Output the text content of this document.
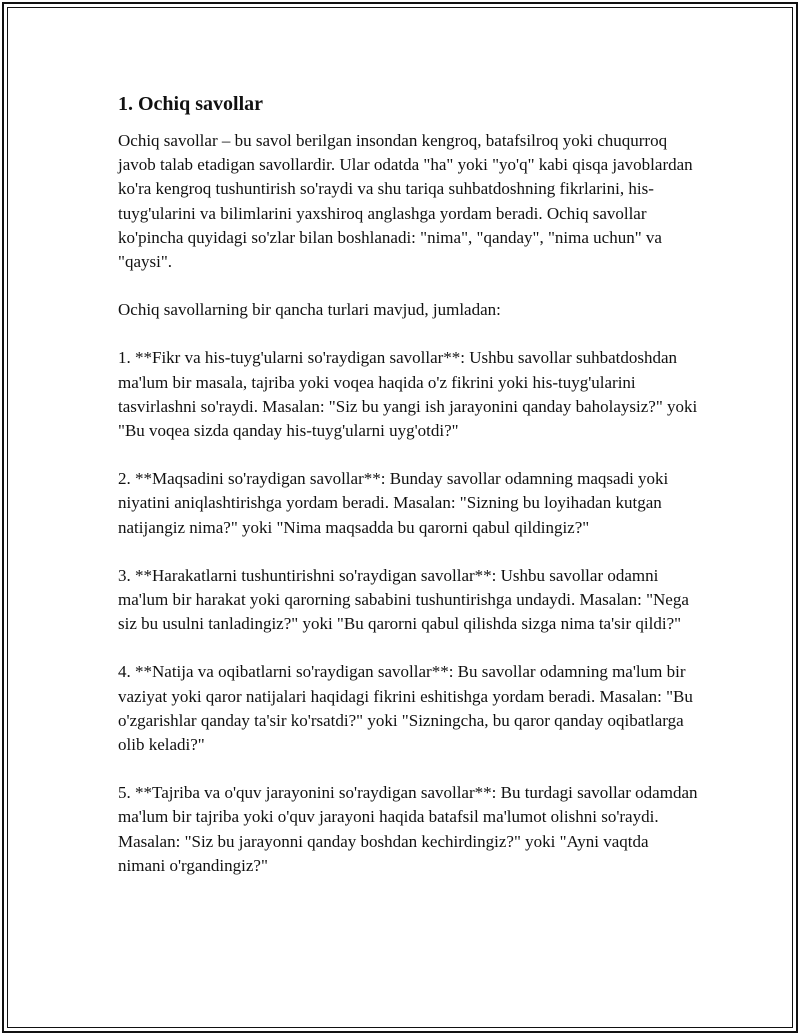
1. Ochiq savollar

Ochiq savollar – bu savol berilgan insondan kengroq, batafsilroq yoki chuqurroq javob talab etadigan savollardir. Ular odatda "ha" yoki "yo'q" kabi qisqa javoblardan ko'ra kengroq tushuntirish so'raydi va shu tariqa suhbatdoshning fikrlarini, his-tuyg'ularini va bilimlarini yaxshiroq anglashga yordam beradi. Ochiq savollar ko'pincha quyidagi so'zlar bilan boshlanadi: "nima", "qanday", "nima uchun" va "qaysi".

Ochiq savollarning bir qancha turlari mavjud, jumladan:

1. **Fikr va his-tuyg'ularni so'raydigan savollar**: Ushbu savollar suhbatdoshdan ma'lum bir masala, tajriba yoki voqea haqida o'z fikrini yoki his-tuyg'ularini tasvirlashni so'raydi. Masalan: "Siz bu yangi ish jarayonini qanday baholaysiz?" yoki "Bu voqea sizda qanday his-tuyg'ularni uyg'otdi?"

2. **Maqsadini so'raydigan savollar**: Bunday savollar odamning maqsadi yoki niyatini aniqlashtirishga yordam beradi. Masalan: "Sizning bu loyihadan kutgan natijangiz nima?" yoki "Nima maqsadda bu qarorni qabul qildingiz?"

3. **Harakatlarni tushuntirishni so'raydigan savollar**: Ushbu savollar odamni ma'lum bir harakat yoki qarorning sababini tushuntirishga undaydi. Masalan: "Nega siz bu usulni tanladingiz?" yoki "Bu qarorni qabul qilishda sizga nima ta'sir qildi?"

4. **Natija va oqibatlarni so'raydigan savollar**: Bu savollar odamning ma'lum bir vaziyat yoki qaror natijalari haqidagi fikrini eshitishga yordam beradi. Masalan: "Bu o'zgarishlar qanday ta'sir ko'rsatdi?" yoki "Sizningcha, bu qaror qanday oqibatlarga olib keladi?"

5. **Tajriba va o'quv jarayonini so'raydigan savollar**: Bu turdagi savollar odamdan ma'lum bir tajriba yoki o'quv jarayoni haqida batafsil ma'lumot olishni so'raydi. Masalan: "Siz bu jarayonni qanday boshdan kechirdingiz?" yoki "Ayni vaqtda nimani o'rgandingiz?"
